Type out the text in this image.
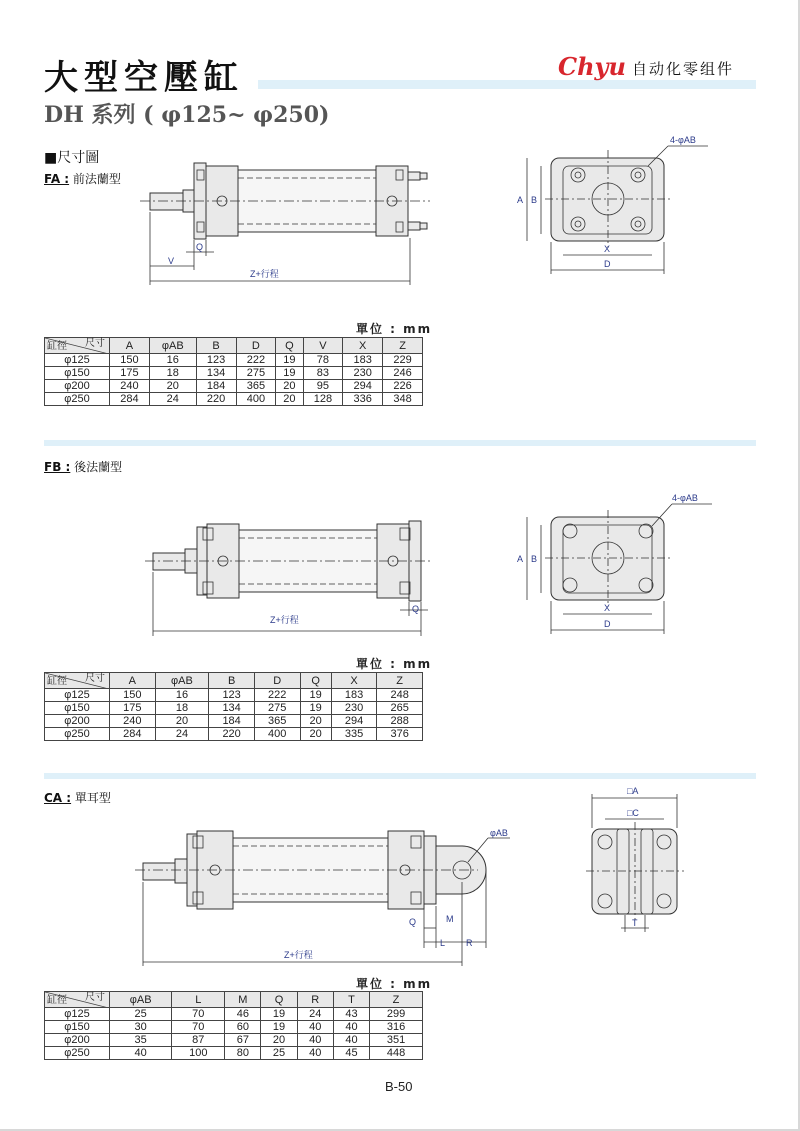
大型空壓缸	Chyu 自动化零组件
DH 系列 ( φ125~ φ250)
■尺寸圖
FA : 前法蘭型
Z+行程
V
Q
4-φAB
A B
X
D
單位 : mm
尺寸
缸徑	A	φAB	B	D	Q	V	X	Z
φ125	150	16	123	222	19	78	183	229
φ150	175	18	134	275	19	83	230	246
φ200	240	20	184	365	20	95	294	226
φ250	284	24	220	400	20	128	336	348
FB : 後法蘭型
Z+行程
Q
4-φAB
A B
X
D
單位 : mm
尺寸
缸徑	A	φAB	B	D	Q	X	Z
φ125	150	16	123	222	19	183	248
φ150	175	18	134	275	19	230	265
φ200	240	20	184	365	20	294	288
φ250	284	24	220	400	20	335	376
CA : 單耳型
Z+行程
Q	M
L R
φAB
□A
□C
T
單位 : mm
尺寸
缸徑	φAB	L	M	Q	R	T	Z
φ125	25	70	46	19	24	43	299
φ150	30	70	60	19	40	40	316
φ200	35	87	67	20	40	40	351
φ250	40	100	80	25	40	45	448
B-50
